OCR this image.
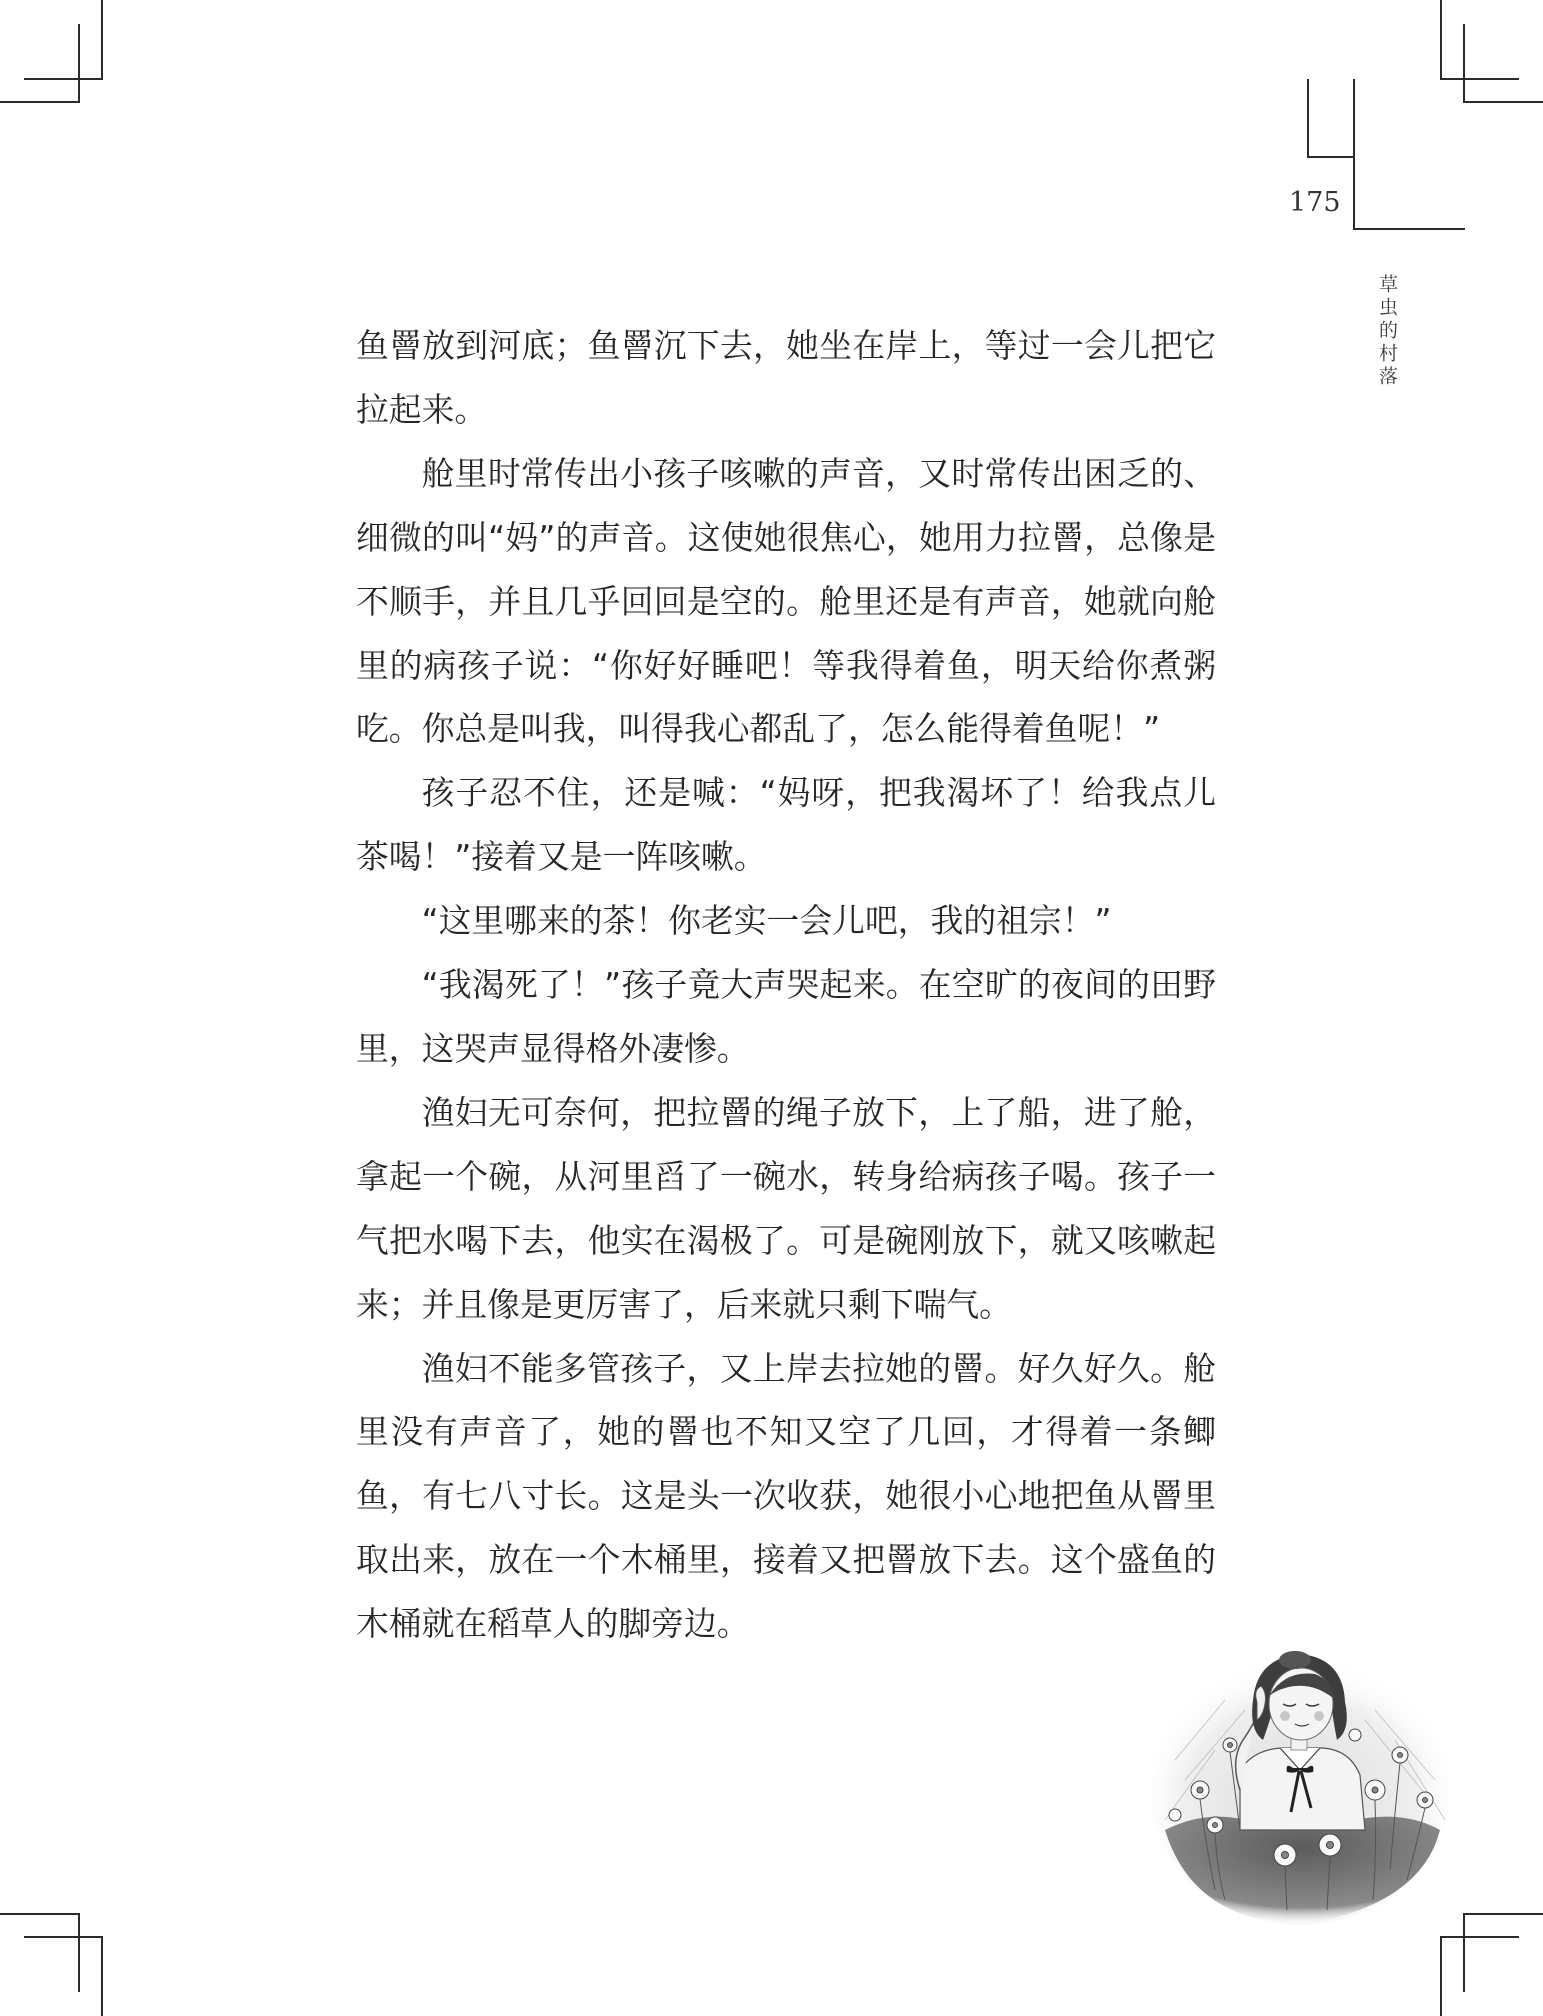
175
草虫的村落

鱼罾放到河底；鱼罾沉下去，她坐在岸上，等过一会儿把它拉起来。

舱里时常传出小孩子咳嗽的声音，又时常传出困乏的、细微的叫“妈”的声音。这使她很焦心，她用力拉罾，总像是不顺手，并且几乎回回是空的。舱里还是有声音，她就向舱里的病孩子说：“你好好睡吧！等我得着鱼，明天给你煮粥吃。你总是叫我，叫得我心都乱了，怎么能得着鱼呢！”

孩子忍不住，还是喊：“妈呀，把我渴坏了！给我点儿茶喝！”接着又是一阵咳嗽。

“这里哪来的茶！你老实一会儿吧，我的祖宗！”

“我渴死了！”孩子竟大声哭起来。在空旷的夜间的田野里，这哭声显得格外凄惨。

渔妇无可奈何，把拉罾的绳子放下，上了船，进了舱，拿起一个碗，从河里舀了一碗水，转身给病孩子喝。孩子一气把水喝下去，他实在渴极了。可是碗刚放下，就又咳嗽起来；并且像是更厉害了，后来就只剩下喘气。

渔妇不能多管孩子，又上岸去拉她的罾。好久好久。舱里没有声音了，她的罾也不知又空了几回，才得着一条鲫鱼，有七八寸长。这是头一次收获，她很小心地把鱼从罾里取出来，放在一个木桶里，接着又把罾放下去。这个盛鱼的木桶就在稻草人的脚旁边。
